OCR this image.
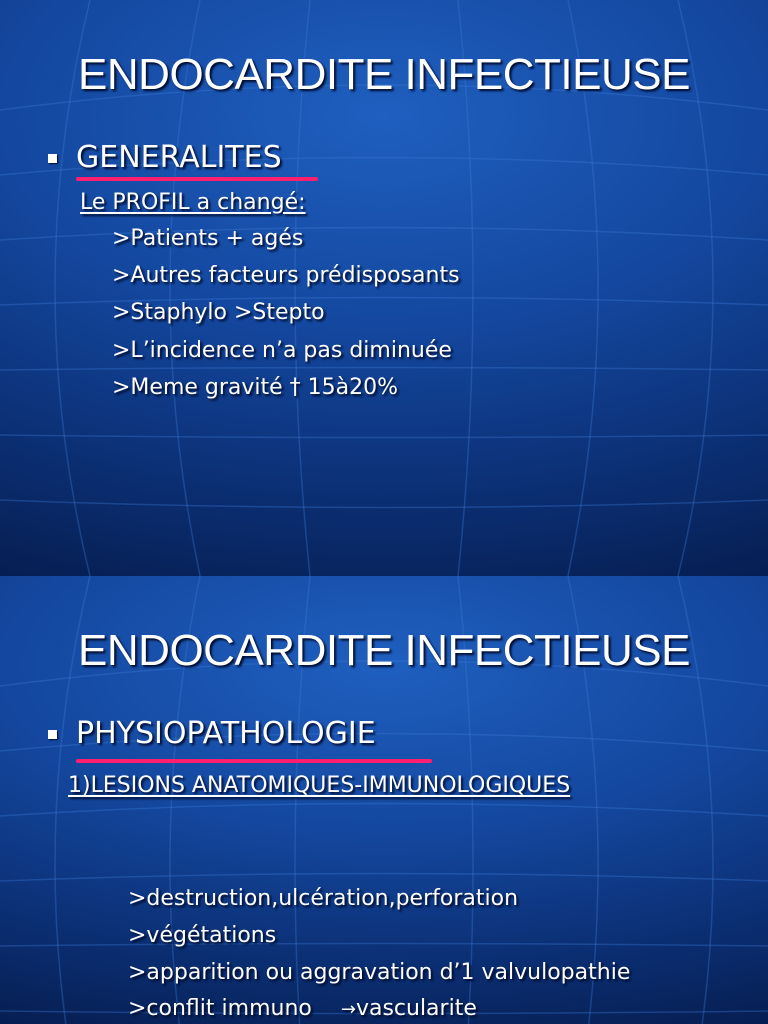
ENDOCARDITE INFECTIEUSE
GENERALITES
Le PROFIL a changé:
>Patients + agés
>Autres facteurs prédisposants
>Staphylo >Stepto
>L’incidence n’a pas diminuée
>Meme gravité † 15à20%
ENDOCARDITE INFECTIEUSE
PHYSIOPATHOLOGIE
1)LESIONS ANATOMIQUES-IMMUNOLOGIQUES
>destruction,ulcération,perforation
>végétations
>apparition ou aggravation d’1 valvulopathie
>conflit immuno →vascularite
